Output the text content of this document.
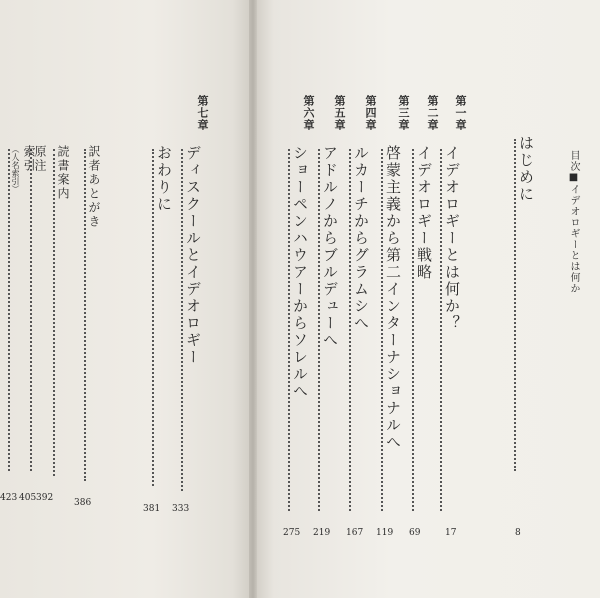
目次■イデオロギーとは何か
はじめに
8
第一章
イデオロギーとは何か？
17
第二章
イデオロギー戦略
69
第三章
啓蒙主義から第二インターナショナルへ
119
第四章
ルカーチからグラムシへ
167
第五章
アドルノからブルデューへ
219
第六章
ショーペンハウアーからソレルへ
275
第七章
ディスクールとイデオロギー
333
おわりに
381
訳者あとがき
386
読書案内
392
原注
405
索引
（人名索引）
423
